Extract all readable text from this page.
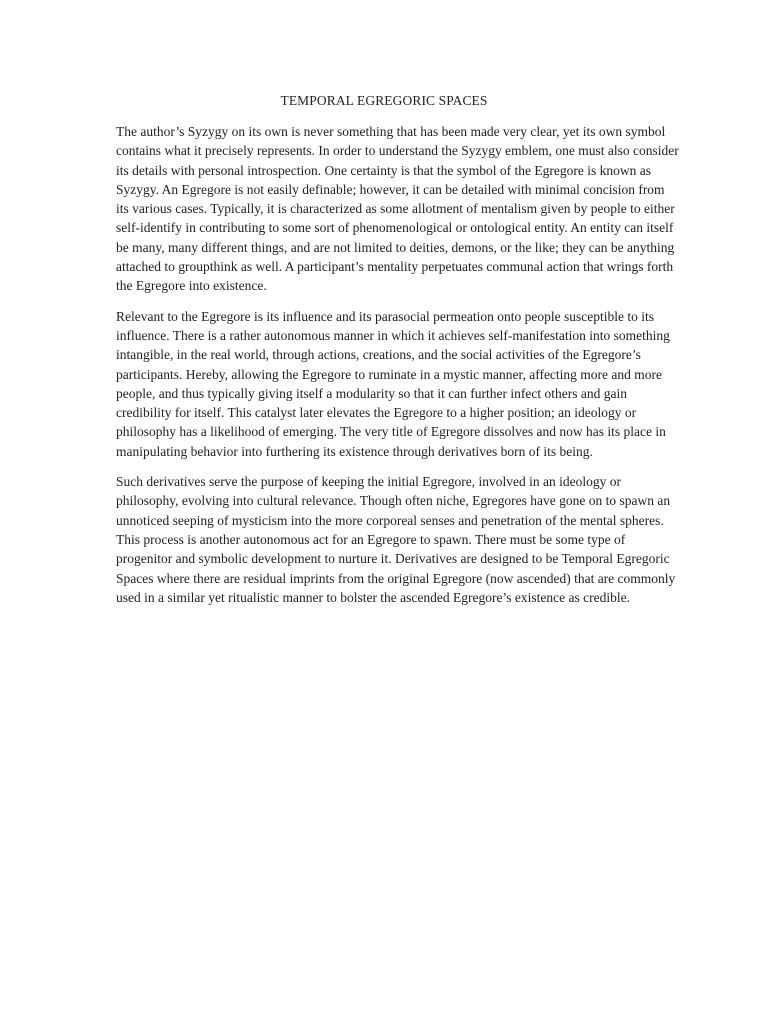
TEMPORAL EGREGORIC SPACES

The author’s Syzygy on its own is never something that has been made very clear, yet its own symbol contains what it precisely represents. In order to understand the Syzygy emblem, one must also consider its details with personal introspection. One certainty is that the symbol of the Egregore is known as Syzygy. An Egregore is not easily definable; however, it can be detailed with minimal concision from its various cases. Typically, it is characterized as some allotment of mentalism given by people to either self-identify in contributing to some sort of phenomenological or ontological entity. An entity can itself be many, many different things, and are not limited to deities, demons, or the like; they can be anything attached to groupthink as well. A participant’s mentality perpetuates communal action that wrings forth the Egregore into existence.

Relevant to the Egregore is its influence and its parasocial permeation onto people susceptible to its influence. There is a rather autonomous manner in which it achieves self-manifestation into something intangible, in the real world, through actions, creations, and the social activities of the Egregore’s participants. Hereby, allowing the Egregore to ruminate in a mystic manner, affecting more and more people, and thus typically giving itself a modularity so that it can further infect others and gain credibility for itself. This catalyst later elevates the Egregore to a higher position; an ideology or philosophy has a likelihood of emerging. The very title of Egregore dissolves and now has its place in manipulating behavior into furthering its existence through derivatives born of its being.

Such derivatives serve the purpose of keeping the initial Egregore, involved in an ideology or philosophy, evolving into cultural relevance. Though often niche, Egregores have gone on to spawn an unnoticed seeping of mysticism into the more corporeal senses and penetration of the mental spheres. This process is another autonomous act for an Egregore to spawn. There must be some type of progenitor and symbolic development to nurture it. Derivatives are designed to be Temporal Egregoric Spaces where there are residual imprints from the original Egregore (now ascended) that are commonly used in a similar yet ritualistic manner to bolster the ascended Egregore’s existence as credible.
